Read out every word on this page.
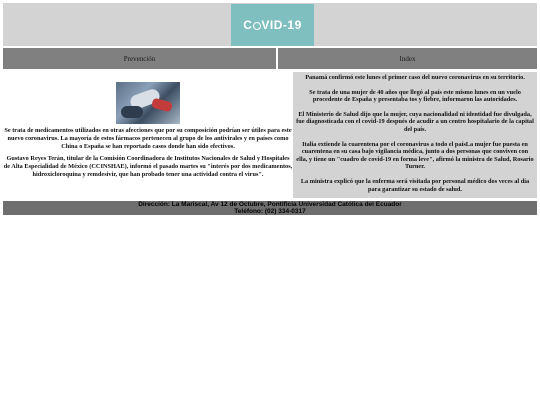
C VID-19
Prevención	Index

Se trata de medicamentos utilizados en otras afecciones que por su composición podrían ser útiles para este nuevo coronavirus. La mayoría de estos fármacos pertenecen al grupo de los antivirales y en países como China o España se han reportado casos donde han sido efectivos.

Gustavo Reyes Terán, titular de la Comisión Coordinadora de Institutos Nacionales de Salud y Hospitales de Alta Especialidad de México (CCINSHAE), informó el pasado martes su "interés por dos medicamentos, hidroxicloroquina y remdesivir, que han probado tener una actividad contra el virus".

Panamá confirmó este lunes el primer caso del nuevo coronavirus en su territorio.

Se trata de una mujer de 40 años que llegó al país este mismo lunes en un vuelo procedente de España y presentaba tos y fiebre, informaron las autoridades.

El Ministerio de Salud dijo que la mujer, cuya nacionalidad ni identidad fue divulgada, fue diagnosticada con el covid-19 después de acudir a un centro hospitalario de la capital del país.

Italia extiende la cuarentena por el coronavirus a todo el paísLa mujer fue puesta en cuarentena en su casa bajo vigilancia médica, junto a dos personas que conviven con ella, y tiene un "cuadro de covid-19 en forma leve", afirmó la ministra de Salud, Rosario Turner.

La ministra explicó que la enferma será visitada por personal médico dos veces al día para garantizar su estado de salud.

Dirección: La Mariscal, Av 12 de Octubre, Pontificia Universidad Católica del Ecuador
Teléfono: (02) 334-0317
